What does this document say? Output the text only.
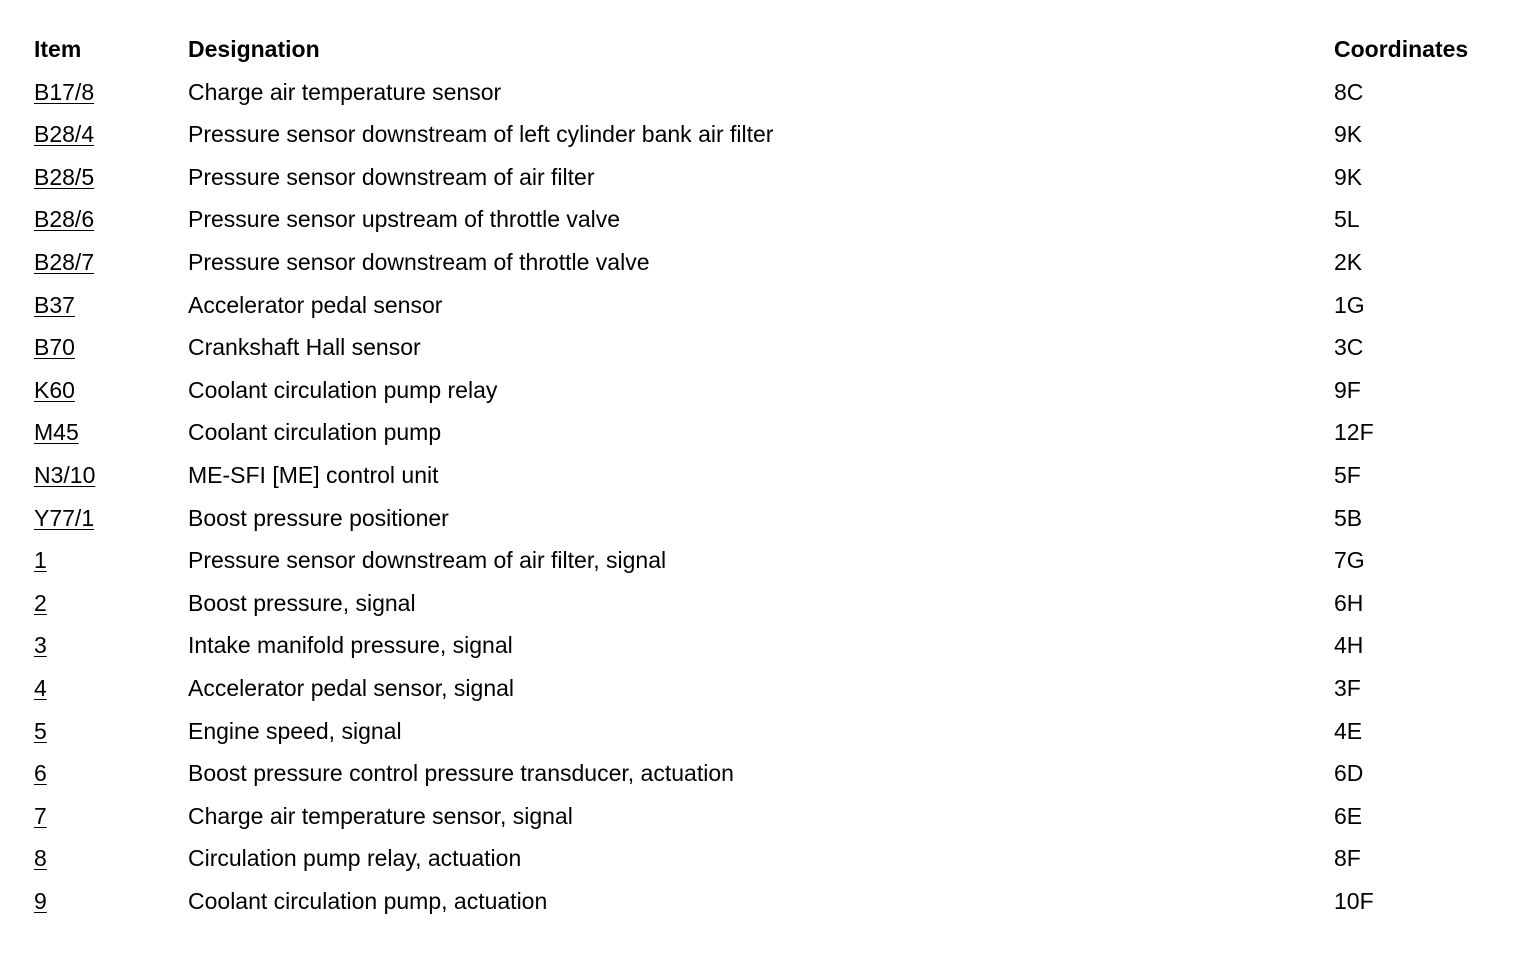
Item	Designation	Coordinates
B17/8	Charge air temperature sensor	8C
B28/4	Pressure sensor downstream of left cylinder bank air filter	9K
B28/5	Pressure sensor downstream of air filter	9K
B28/6	Pressure sensor upstream of throttle valve	5L
B28/7	Pressure sensor downstream of throttle valve	2K
B37	Accelerator pedal sensor	1G
B70	Crankshaft Hall sensor	3C
K60	Coolant circulation pump relay	9F
M45	Coolant circulation pump	12F
N3/10	ME-SFI [ME] control unit	5F
Y77/1	Boost pressure positioner	5B
1	Pressure sensor downstream of air filter, signal	7G
2	Boost pressure, signal	6H
3	Intake manifold pressure, signal	4H
4	Accelerator pedal sensor, signal	3F
5	Engine speed, signal	4E
6	Boost pressure control pressure transducer, actuation	6D
7	Charge air temperature sensor, signal	6E
8	Circulation pump relay, actuation	8F
9	Coolant circulation pump, actuation	10F
